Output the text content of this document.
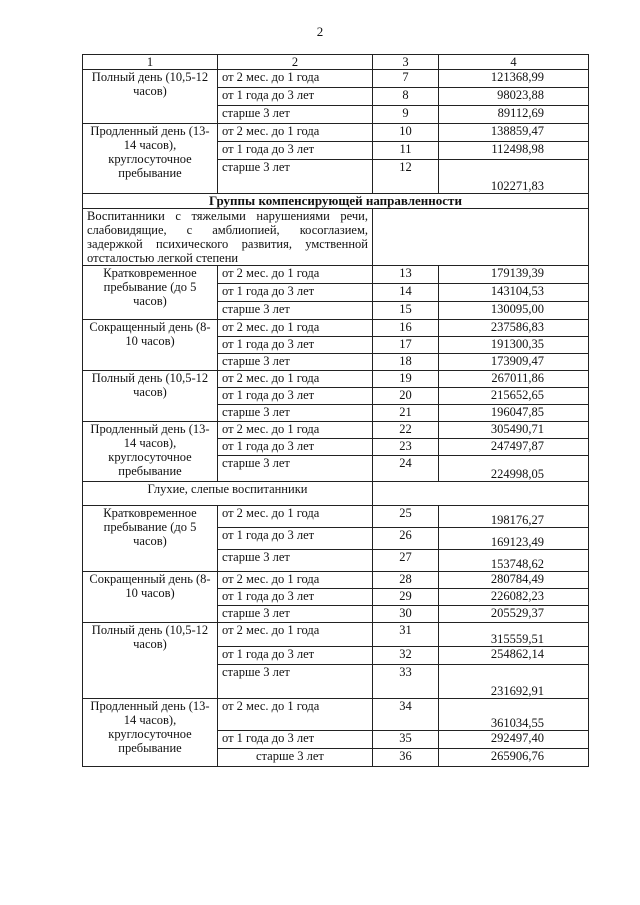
2
1	2	3	4
Полный день (10,5-12 часов)	от 2 мес. до 1 года	7	121368,99
	от 1 года до 3 лет	8	98023,88
	старше 3 лет	9	89112,69
Продленный день (13-14 часов), круглосуточное пребывание	от 2 мес. до 1 года	10	138859,47
	от 1 года до 3 лет	11	112498,98
	старше 3 лет	12	102271,83
Группы компенсирующей направленности			
Воспитанники с тяжелыми нарушениями речи, слабовидящие, с амблиопией, косоглазием, задержкой психического развития, умственной отсталостью легкой степени			
Кратковременное пребывание (до 5 часов)	от 2 мес. до 1 года	13	179139,39
	от 1 года до 3 лет	14	143104,53
	старше 3 лет	15	130095,00
Сокращенный день (8-10 часов)	от 2 мес. до 1 года	16	237586,83
	от 1 года до 3 лет	17	191300,35
	старше 3 лет	18	173909,47
Полный день (10,5-12 часов)	от 2 мес. до 1 года	19	267011,86
	от 1 года до 3 лет	20	215652,65
	старше 3 лет	21	196047,85
Продленный день (13-14 часов), круглосуточное пребывание	от 2 мес. до 1 года	22	305490,71
	от 1 года до 3 лет	23	247497,87
	старше 3 лет	24	224998,05
Глухие, слепые воспитанники			
Кратковременное пребывание (до 5 часов)	от 2 мес. до 1 года	25	198176,27
	от 1 года до 3 лет	26	169123,49
	старше 3 лет	27	153748,62
Сокращенный день (8-10 часов)	от 2 мес. до 1 года	28	280784,49
	от 1 года до 3 лет	29	226082,23
	старше 3 лет	30	205529,37
Полный день (10,5-12 часов)	от 2 мес. до 1 года	31	315559,51
	от 1 года до 3 лет	32	254862,14
	старше 3 лет	33	231692,91
Продленный день (13-14 часов), круглосуточное пребывание	от 2 мес. до 1 года	34	361034,55
	от 1 года до 3 лет	35	292497,40
	старше 3 лет	36	265906,76
